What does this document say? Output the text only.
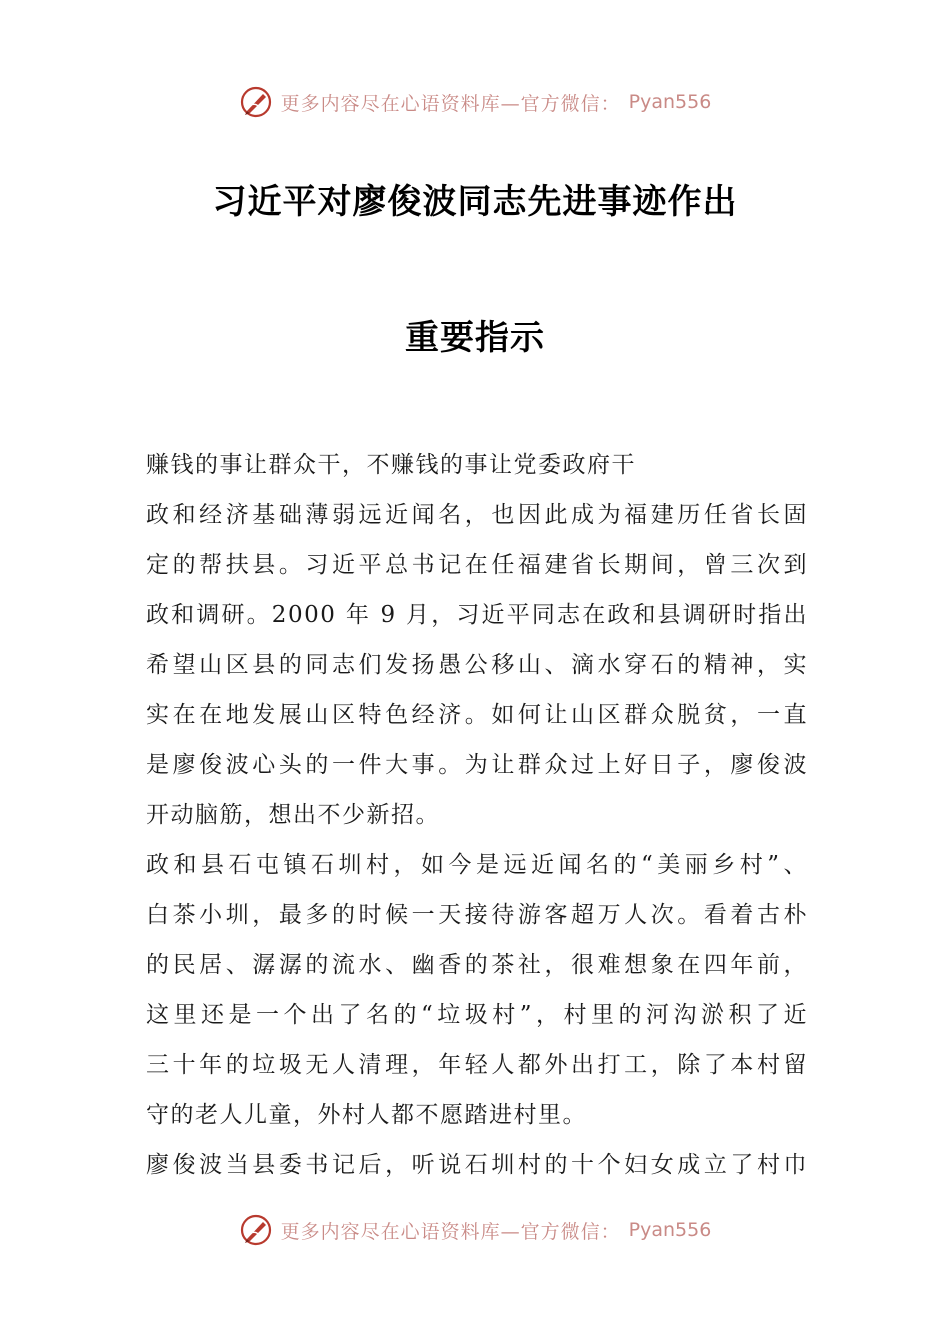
更多内容尽在心语资料库—官方微信： Pyan556
习近平对廖俊波同志先进事迹作出
重要指示
赚钱的事让群众干，不赚钱的事让党委政府干
政和经济基础薄弱远近闻名，也因此成为福建历任省长固
定的帮扶县。习近平总书记在任福建省长期间，曾三次到
政和调研。2000 年 9 月，习近平同志在政和县调研时指出
希望山区县的同志们发扬愚公移山、滴水穿石的精神，实
实在在地发展山区特色经济。如何让山区群众脱贫，一直
是廖俊波心头的一件大事。为让群众过上好日子，廖俊波
开动脑筋，想出不少新招。
政和县石屯镇石圳村，如今是远近闻名的“美丽乡村”、
白茶小圳，最多的时候一天接待游客超万人次。看着古朴
的民居、潺潺的流水、幽香的茶社，很难想象在四年前，
这里还是一个出了名的“垃圾村”，村里的河沟淤积了近
三十年的垃圾无人清理，年轻人都外出打工，除了本村留
守的老人儿童，外村人都不愿踏进村里。
廖俊波当县委书记后，听说石圳村的十个妇女成立了村巾
更多内容尽在心语资料库—官方微信： Pyan556
